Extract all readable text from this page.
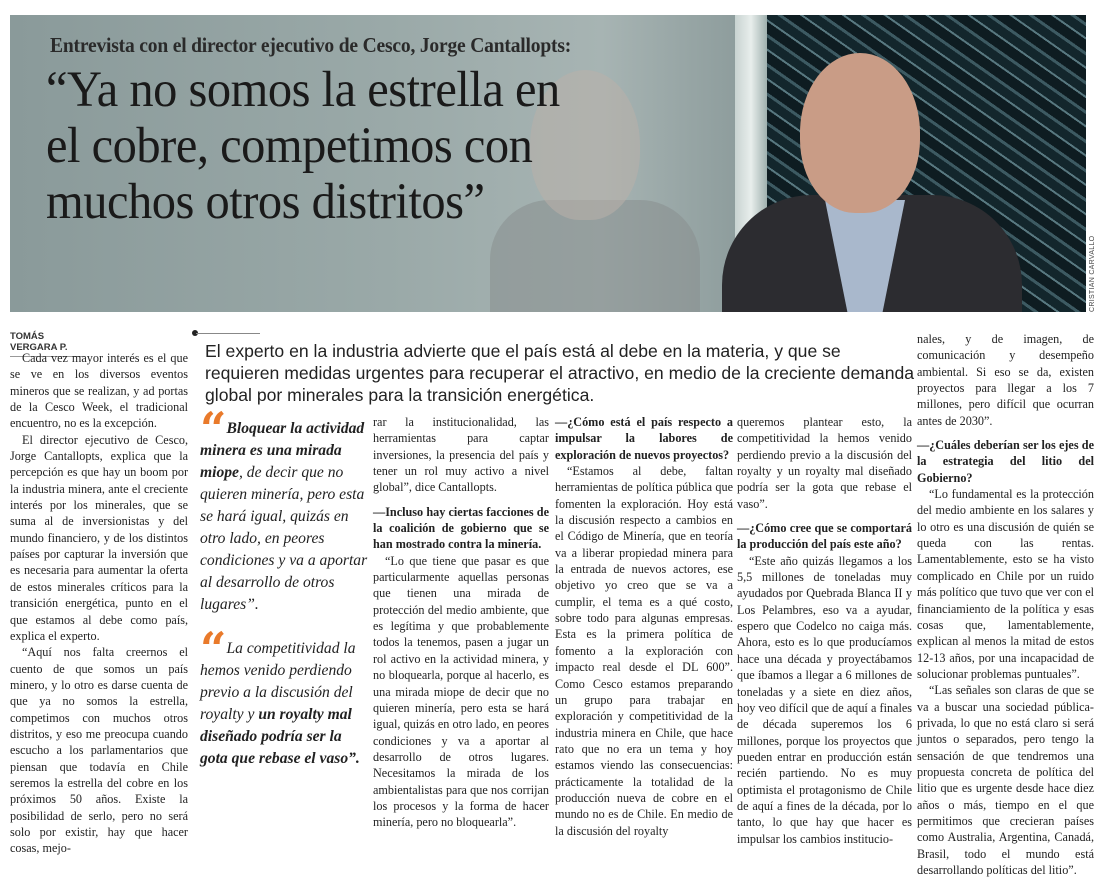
Entrevista con el director ejecutivo de Cesco, Jorge Cantallopts:
“Ya no somos la estrella en el cobre, competimos con muchos otros distritos”
CRISTIAN CARVALLO
TOMÁS VERGARA P.	El experto en la industria advierte que el país está al debe en la materia, y que se requieren medidas urgentes para recuperar el atractivo, en medio de la creciente demanda global por minerales para la transición energética.

Cada vez mayor interés es el que se ve en los diversos eventos mineros que se realizan, y ad portas de la Cesco Week, el tradicional encuentro, no es la excepción.

El director ejecutivo de Cesco, Jorge Cantallopts, explica que la percepción es que hay un boom por la industria minera, ante el creciente interés por los minerales, que se suma al de inversionistas y del mundo financiero, y de los distintos países por capturar la inversión que es necesaria para aumentar la oferta de estos minerales críticos para la transición energética, punto en el que estamos al debe como país, explica el experto.

“Aquí nos falta creernos el cuento de que somos un país minero, y lo otro es darse cuenta de que ya no somos la estrella, competimos con muchos otros distritos, y eso me preocupa cuando escucho a los parlamentarios que piensan que todavía en Chile seremos la estrella del cobre en los próximos 50 años. Existe la posibilidad de serlo, pero no será solo por existir, hay que hacer cosas, mejo-

“ Bloquear la actividad minera es una mirada miope, de decir que no quieren minería, pero esta se hará igual, quizás en otro lado, en peores condiciones y va a aportar al desarrollo de otros lugares”.
“ La competitividad la hemos venido perdiendo previo a la discusión del royalty y un royalty mal diseñado podría ser la gota que rebase el vaso”.

rar la institucionalidad, las herramientas para captar inversiones, la presencia del país y tener un rol muy activo a nivel global”, dice Cantallopts.

—Incluso hay ciertas facciones de la coalición de gobierno que se han mostrado contra la minería.

“Lo que tiene que pasar es que particularmente aquellas personas que tienen una mirada de protección del medio ambiente, que es legítima y que probablemente todos la tenemos, pasen a jugar un rol activo en la actividad minera, y no bloquearla, porque al hacerlo, es una mirada miope de decir que no quieren minería, pero esta se hará igual, quizás en otro lado, en peores condiciones y va a aportar al desarrollo de otros lugares. Necesitamos la mirada de los ambientalistas para que nos corrijan los procesos y la forma de hacer minería, pero no bloquearla”.

—¿Cómo está el país respecto a impulsar la labores de exploración de nuevos proyectos?

“Estamos al debe, faltan herramientas de política pública que fomenten la exploración. Hoy está la discusión respecto a cambios en el Código de Minería, que en teoría va a liberar propiedad minera para la entrada de nuevos actores, ese objetivo yo creo que se va a cumplir, el tema es a qué costo, sobre todo para algunas empresas. Esta es la primera política de fomento a la exploración con impacto real desde el DL 600”. Como Cesco estamos preparando un grupo para trabajar en exploración y competitividad de la industria minera en Chile, que hace rato que no era un tema y hoy estamos viendo las consecuencias: prácticamente la totalidad de la producción nueva de cobre en el mundo no es de Chile. En medio de la discusión del royalty

queremos plantear esto, la competitividad la hemos venido perdiendo previo a la discusión del royalty y un royalty mal diseñado podría ser la gota que rebase el vaso”.

—¿Cómo cree que se comportará la producción del país este año?

“Este año quizás llegamos a los 5,5 millones de toneladas muy ayudados por Quebrada Blanca II y Los Pelambres, eso va a ayudar, espero que Codelco no caiga más. Ahora, esto es lo que producíamos hace una década y proyectábamos que íbamos a llegar a 6 millones de toneladas y a siete en diez años, hoy veo difícil que de aquí a finales de década superemos los 6 millones, porque los proyectos que pueden entrar en producción están recién partiendo. No es muy optimista el protagonismo de Chile de aquí a fines de la década, por lo tanto, lo que hay que hacer es impulsar los cambios institucio-

nales, y de imagen, de comunicación y desempeño ambiental. Si eso se da, existen proyectos para llegar a los 7 millones, pero difícil que ocurran antes de 2030”.

—¿Cuáles deberían ser los ejes de la estrategia del litio del Gobierno?

“Lo fundamental es la protección del medio ambiente en los salares y lo otro es una discusión de quién se queda con las rentas. Lamentablemente, esto se ha visto complicado en Chile por un ruido más político que tuvo que ver con el financiamiento de la política y esas cosas que, lamentablemente, explican al menos la mitad de estos 12-13 años, por una incapacidad de solucionar problemas puntuales”.

“Las señales son claras de que se va a buscar una sociedad pública-privada, lo que no está claro si será juntos o separados, pero tengo la sensación de que tendremos una propuesta concreta de política del litio que es urgente desde hace diez años o más, tiempo en el que permitimos que crecieran países como Australia, Argentina, Canadá, Brasil, todo el mundo está desarrollando políticas del litio”.
